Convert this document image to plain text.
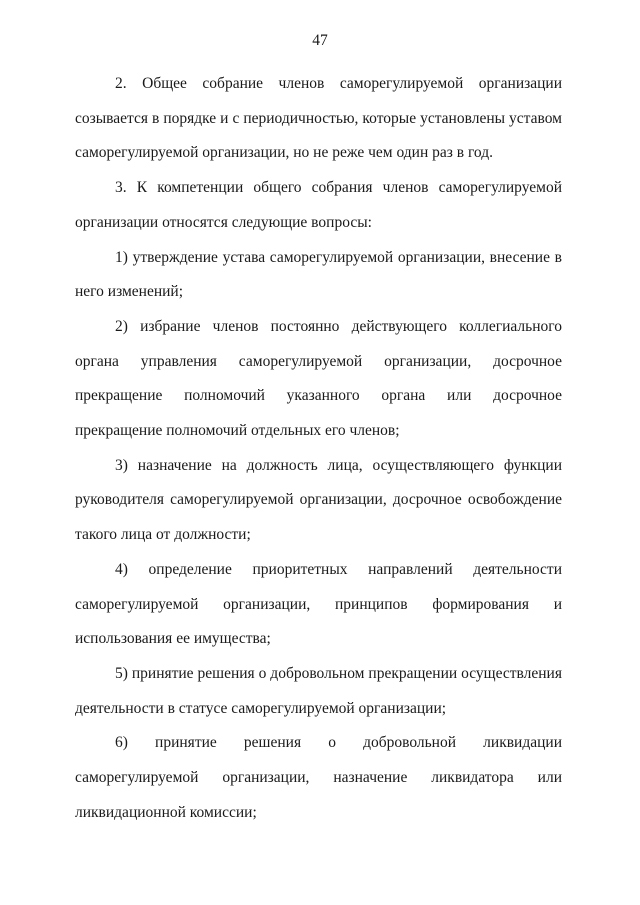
47

2. Общее собрание членов саморегулируемой организации созывается в порядке и с периодичностью, которые установлены уставом саморегулируемой организации, но не реже чем один раз в год.

3. К компетенции общего собрания членов саморегулируемой организации относятся следующие вопросы:

1) утверждение устава саморегулируемой организации, внесение в него изменений;

2) избрание членов постоянно действующего коллегиального органа управления саморегулируемой организации, досрочное прекращение полномочий указанного органа или досрочное прекращение полномочий отдельных его членов;

3) назначение на должность лица, осуществляющего функции руководителя саморегулируемой организации, досрочное освобождение такого лица от должности;

4) определение приоритетных направлений деятельности саморегулируемой организации, принципов формирования и использования ее имущества;

5) принятие решения о добровольном прекращении осуществления деятельности в статусе саморегулируемой организации;

6) принятие решения о добровольной ликвидации саморегулируемой организации, назначение ликвидатора или ликвидационной комиссии;
